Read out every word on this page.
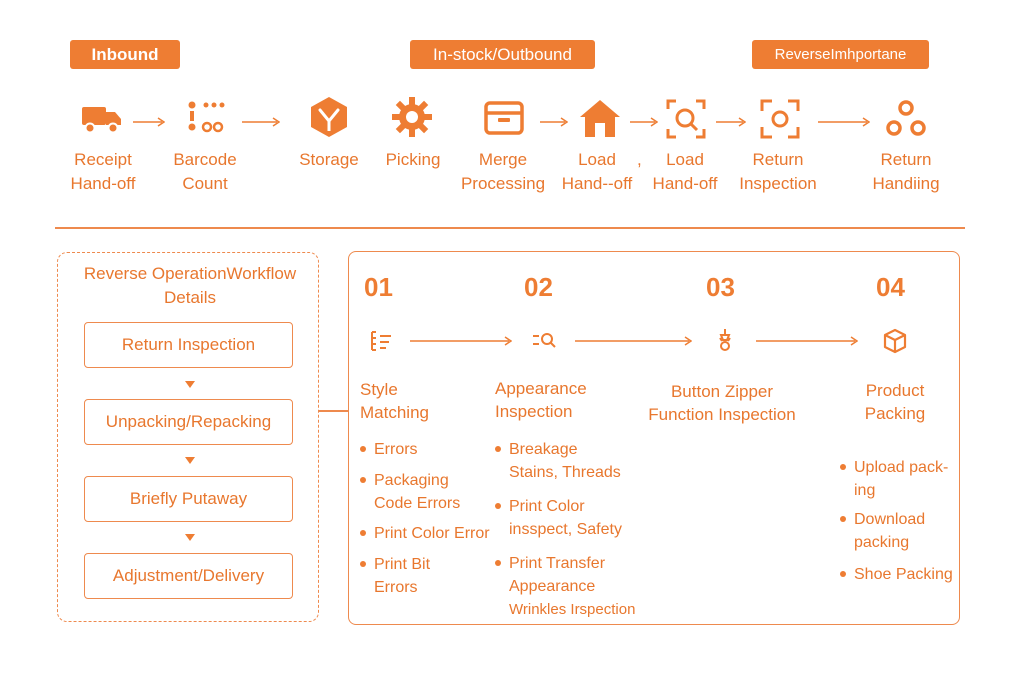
Inbound	In-stock/Outbound	ReverseImhportane
Receipt
Hand-off
Barcode
Count
Storage	Picking	Merge
Processing
Load
Hand--off
,	Load
Hand-off
Return
Inspection
Return
Handiing
Reverse OperationWorkflow
Details
Return Inspection
Unpacking/Repacking
Briefly Putaway
Adjustment/Delivery
01	02	03	04
Style
Matching
Appearance
Inspection
Button Zipper
Function Inspection
Product
Packing
Errors
Packaging
Code Errors
Print Color Error
Print Bit
Errors
Breakage
Stains, Threads
Print Color
insspect, Safety
Print Transfer
Appearance
Wrinkles Irspection
Upload pack-
ing
Download
packing
Shoe Packing
